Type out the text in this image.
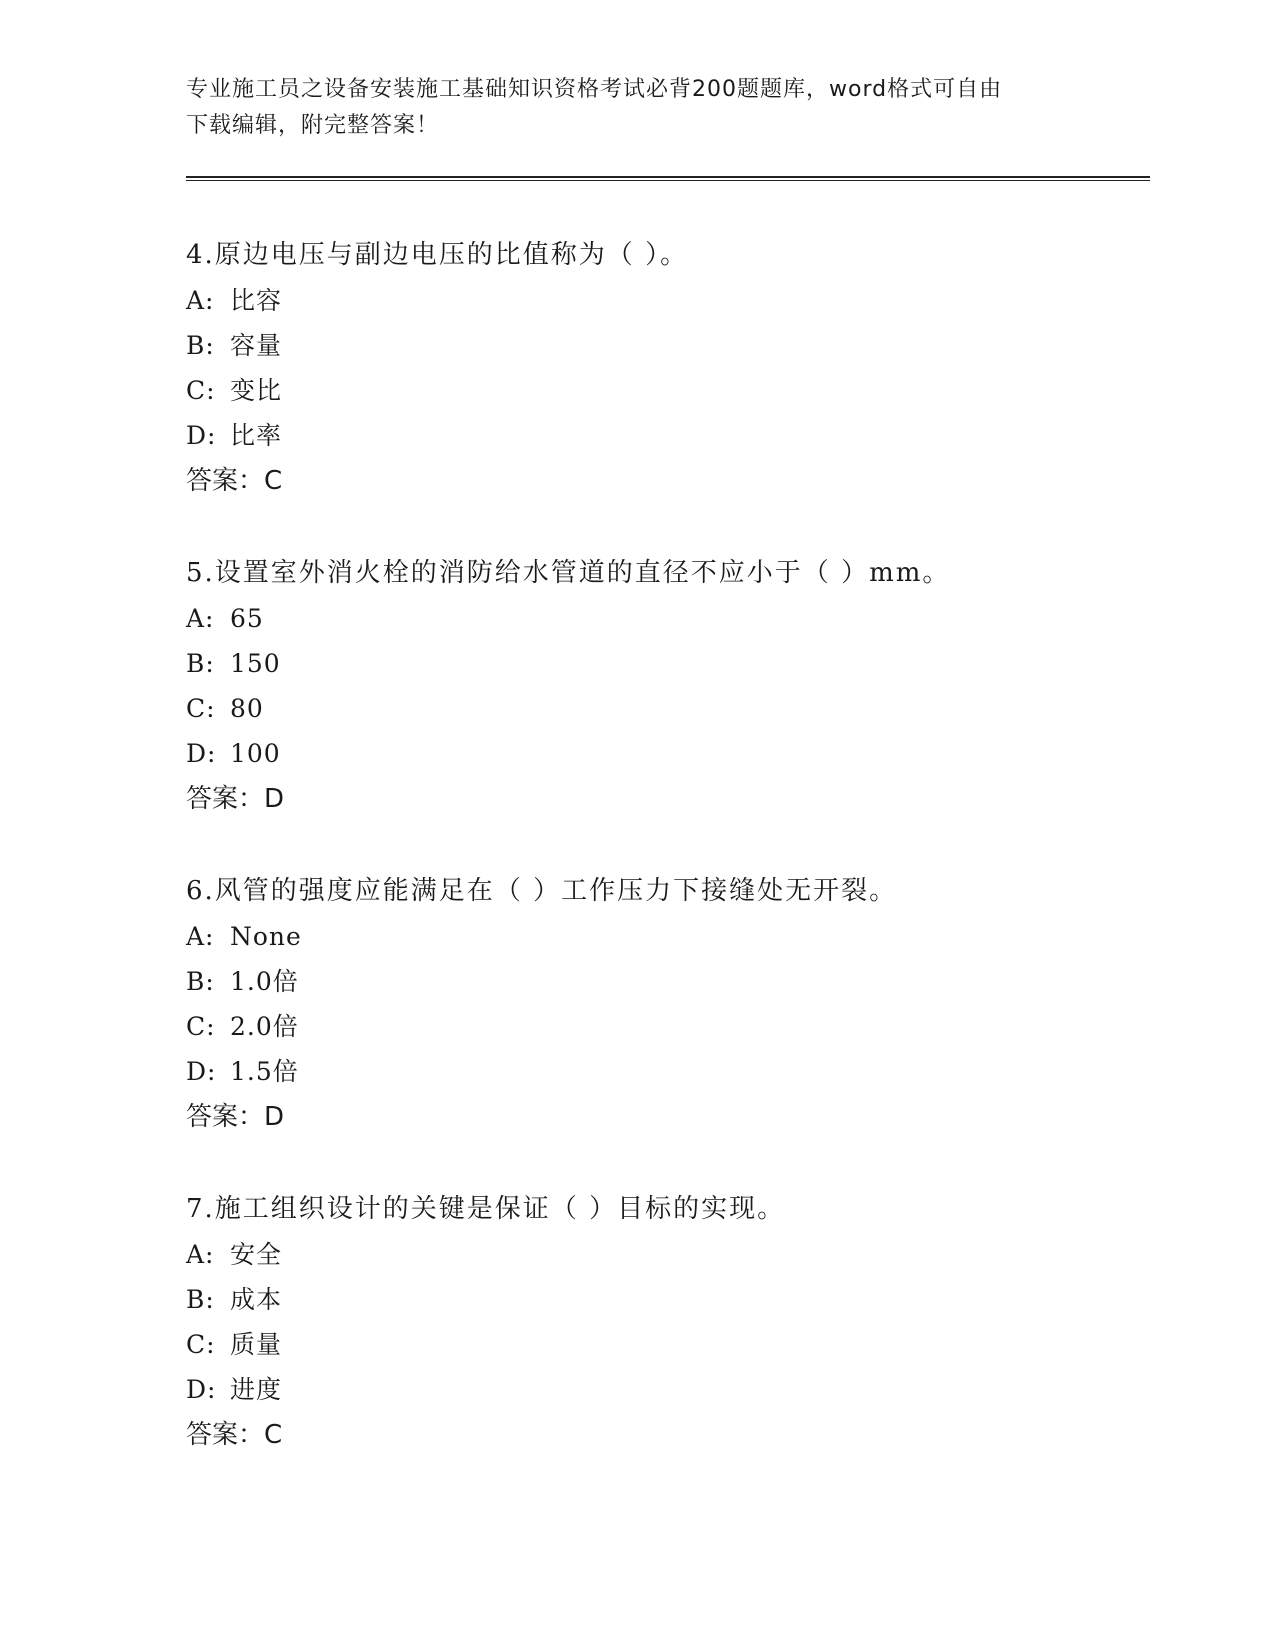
专业施工员之设备安装施工基础知识资格考试必背200题题库，word格式可自由
下载编辑，附完整答案！
4.原边电压与副边电压的比值称为（ ）。
A: 比容
B: 容量
C: 变比
D: 比率
答案：C
5.设置室外消火栓的消防给水管道的直径不应小于（ ）mm。
A: 65
B: 150
C: 80
D: 100
答案：D
6.风管的强度应能满足在（ ）工作压力下接缝处无开裂。
A: None
B: 1.0倍
C: 2.0倍
D: 1.5倍
答案：D
7.施工组织设计的关键是保证（ ）目标的实现。
A: 安全
B: 成本
C: 质量
D: 进度
答案：C
